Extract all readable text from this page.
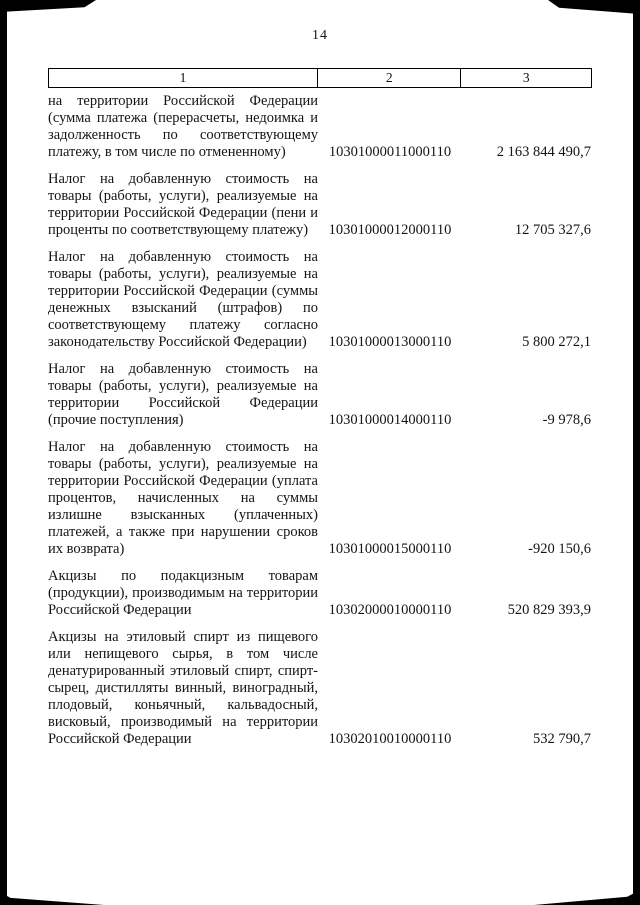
14
1	2	3
на территории Российской Федерации (сумма платежа (перерасчеты, недоимка и задолженность по соответствующему платежу, в том числе по отмененному)	10301000011000110	2 163 844 490,7
Налог на добавленную стоимость на товары (работы, услуги), реализуемые на территории Российской Федерации (пени и проценты по соответствующему платежу)	10301000012000110	12 705 327,6
Налог на добавленную стоимость на товары (работы, услуги), реализуемые на территории Российской Федерации (суммы денежных взысканий (штрафов) по соответствующему платежу согласно законодательству Российской Федерации)	10301000013000110	5 800 272,1
Налог на добавленную стоимость на товары (работы, услуги), реализуемые на территории Российской Федерации (прочие поступления)	10301000014000110	-9 978,6
Налог на добавленную стоимость на товары (работы, услуги), реализуемые на территории Российской Федерации (уплата процентов, начисленных на суммы излишне взысканных (уплаченных) платежей, а также при нарушении сроков их возврата)	10301000015000110	-920 150,6
Акцизы по подакцизным товарам (продукции), производимым на территории Российской Федерации	10302000010000110	520 829 393,9
Акцизы на этиловый спирт из пищевого или непищевого сырья, в том числе денатурированный этиловый спирт, спирт-сырец, дистилляты винный, виноградный, плодовый, коньячный, кальвадосный, висковый, производимый на территории Российской Федерации	10302010010000110	532 790,7
